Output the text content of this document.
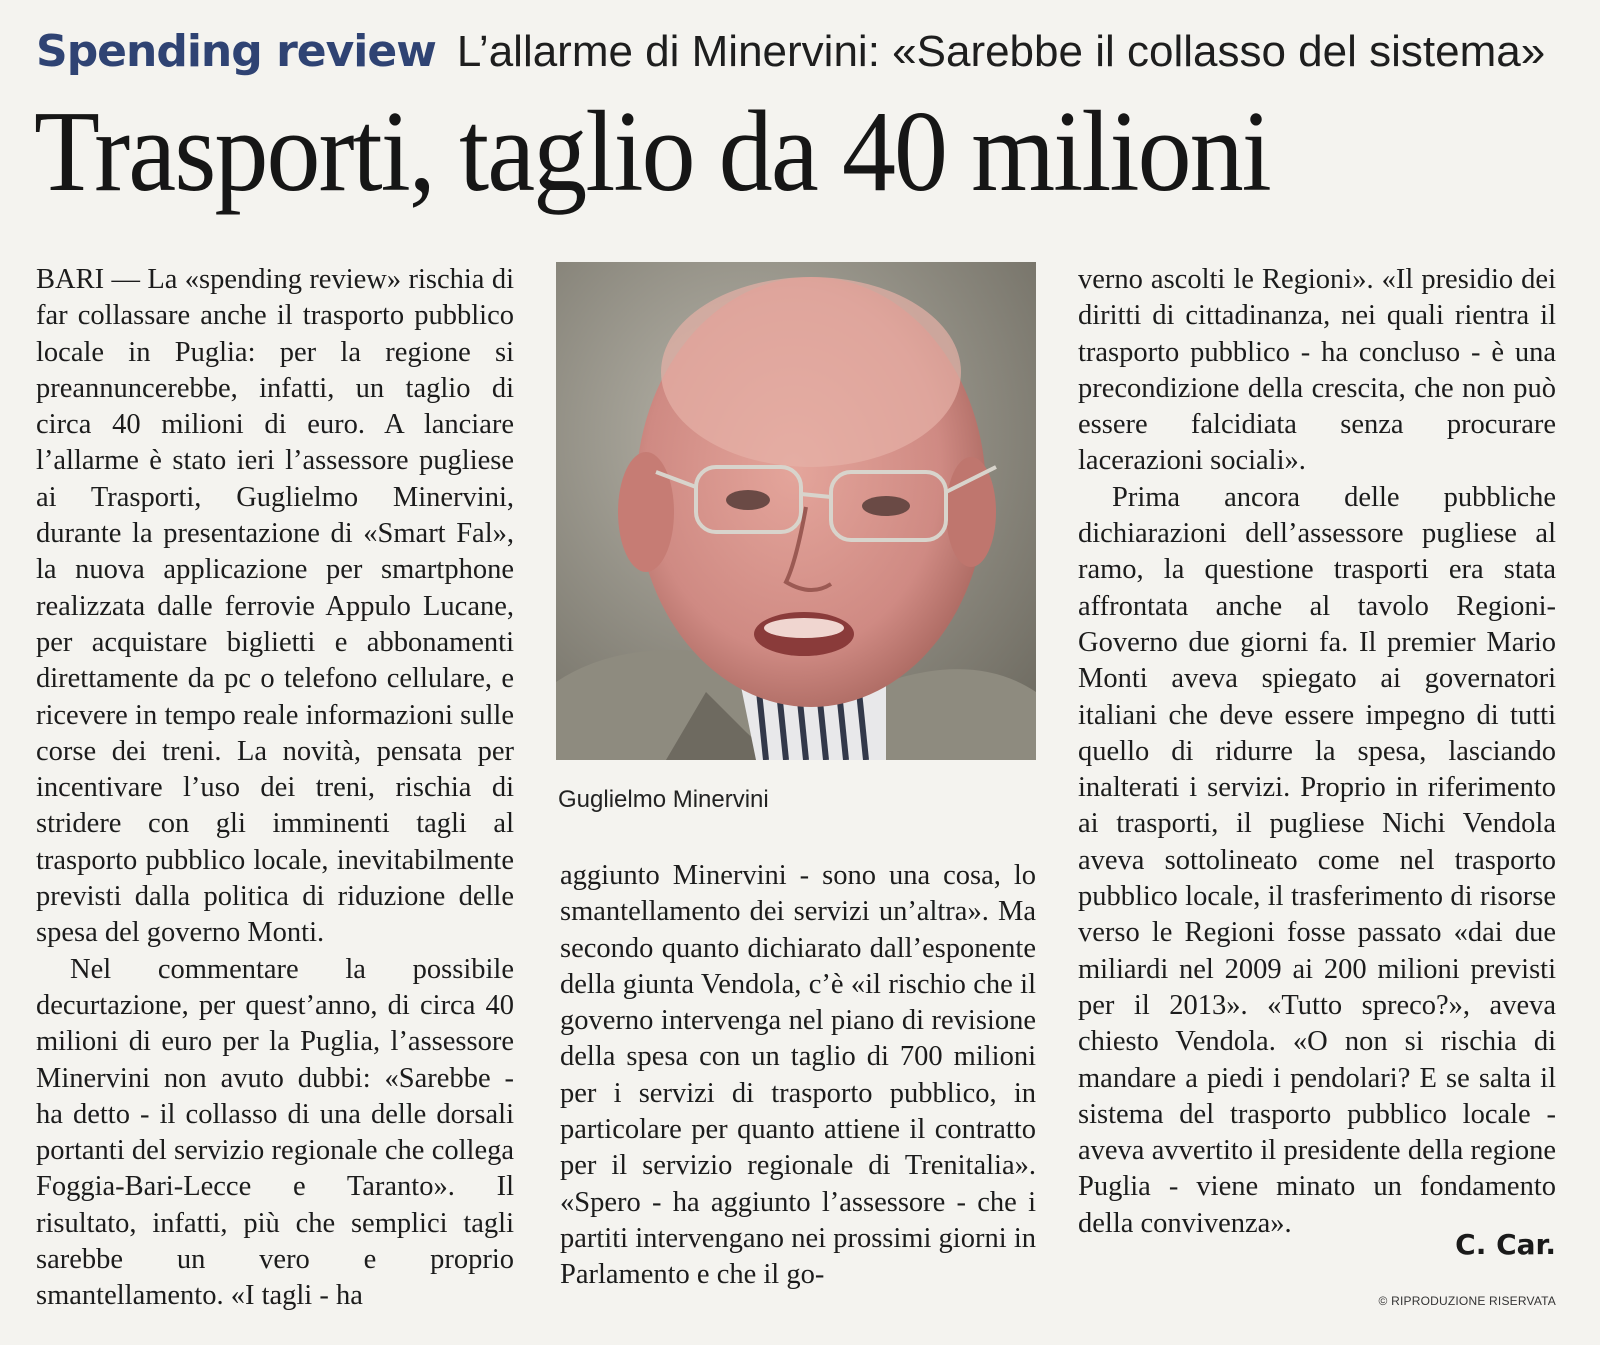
Spending review L’allarme di Minervini: «Sarebbe il collasso del sistema»
Trasporti, taglio da 40 milioni

BARI — La «spending review» rischia di far collassare anche il trasporto pubblico locale in Puglia: per la regione si preannuncerebbe, infatti, un taglio di circa 40 milioni di euro. A lanciare l’allarme è stato ieri l’assessore pugliese ai Trasporti, Guglielmo Minervini, durante la presentazione di «Smart Fal», la nuova applicazione per smartphone realizzata dalle ferrovie Appulo Lucane, per acquistare biglietti e abbonamenti direttamente da pc o telefono cellulare, e ricevere in tempo reale informazioni sulle corse dei treni. La novità, pensata per incentivare l’uso dei treni, rischia di stridere con gli imminenti tagli al trasporto pubblico locale, inevitabilmente previsti dalla politica di riduzione delle spesa del governo Monti.

Nel commentare la possibile decurtazione, per quest’anno, di circa 40 milioni di euro per la Puglia, l’assessore Minervini non avuto dubbi: «Sarebbe - ha detto - il collasso di una delle dorsali portanti del servizio regionale che collega Foggia-Bari-Lecce e Taranto». Il risultato, infatti, più che semplici tagli sarebbe un vero e proprio smantellamento. «I tagli - ha

Guglielmo Minervini

aggiunto Minervini - sono una cosa, lo smantellamento dei servizi un’altra». Ma secondo quanto dichiarato dall’esponente della giunta Vendola, c’è «il rischio che il governo intervenga nel piano di revisione della spesa con un taglio di 700 milioni per i servizi di trasporto pubblico, in particolare per quanto attiene il contratto per il servizio regionale di Trenitalia». «Spero - ha aggiunto l’assessore - che i partiti intervengano nei prossimi giorni in Parlamento e che il go-

verno ascolti le Regioni». «Il presidio dei diritti di cittadinanza, nei quali rientra il trasporto pubblico - ha concluso - è una precondizione della crescita, che non può essere falcidiata senza procurare lacerazioni sociali».

Prima ancora delle pubbliche dichiarazioni dell’assessore pugliese al ramo, la questione trasporti era stata affrontata anche al tavolo Regioni-Governo due giorni fa. Il premier Mario Monti aveva spiegato ai governatori italiani che deve essere impegno di tutti quello di ridurre la spesa, lasciando inalterati i servizi. Proprio in riferimento ai trasporti, il pugliese Nichi Vendola aveva sottolineato come nel trasporto pubblico locale, il trasferimento di risorse verso le Regioni fosse passato «dai due miliardi nel 2009 ai 200 milioni previsti per il 2013». «Tutto spreco?», aveva chiesto Vendola. «O non si rischia di mandare a piedi i pendolari? E se salta il sistema del trasporto pubblico locale - aveva avvertito il presidente della regione Puglia - viene minato un fondamento della convivenza».

C. Car.
© RIPRODUZIONE RISERVATA
